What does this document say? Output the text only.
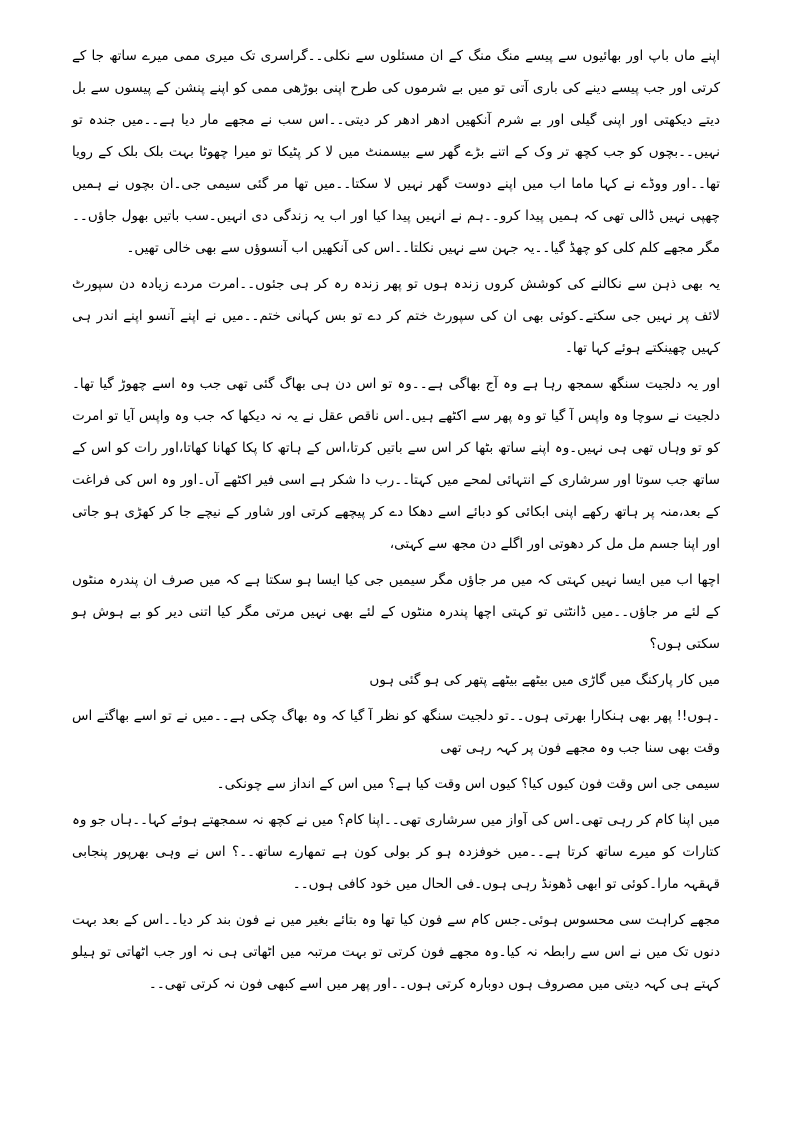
اپنے ماں باپ اور بھائیوں سے پیسے منگ منگ کے ان مسئلوں سے نکلی۔۔گراسری تک میری ممی میرے ساتھ جا کے کرتی اور جب پیسے دینے کی باری آتی تو میں بے شرموں کی طرح اپنی بوڑھی ممی کو اپنے پنشن کے پیسوں سے بل دیتے دیکھتی اور اپنی گیلی اور بے شرم آنکھیں ادھر ادھر کر دیتی۔۔اس سب نے مجھے مار دیا ہے۔۔میں جندہ تو نہیں۔۔بچوں کو جب کچھ تر وک کے اتنے بڑے گھر سے بیسمنٹ میں لا کر پٹیکا تو میرا چھوٹا بہت بلک بلک کے رویا تھا۔۔اور ووڈے نے کہا ماما اب میں اپنے دوست گھر نہیں لا سکتا۔۔میں تھا مر گئی سیمی جی۔ان بچوں نے ہمیں چھپی نہیں ڈالی تھی کہ ہمیں پیدا کرو۔۔ہم نے انہیں پیدا کیا اور اب یہ زندگی دی انہیں۔سب باتیں بھول جاؤں۔۔مگر مجھے کلم کلی کو چھڈ گیا۔۔یہ جہن سے نہیں نکلتا۔۔اس کی آنکھیں اب آنسوؤں سے بھی خالی تھیں۔

یہ بھی ذہن سے نکالنے کی کوشش کروں زندہ ہوں تو پھر زندہ رہ کر ہی جئوں۔۔امرت مردے زیادہ دن سپورٹ لائف پر نہیں جی سکتے۔کوئی بھی ان کی سپورٹ ختم کر دے تو بس کہانی ختم۔۔میں نے اپنے آنسو اپنے اندر ہی کہیں چھینکتے ہوئے کہا تھا۔

اور یہ دلجیت سنگھ سمجھ رہا ہے وہ آج بھاگی ہے۔۔وہ تو اس دن ہی بھاگ گئی تھی جب وہ اسے چھوڑ گیا تھا۔دلجیت نے سوچا وہ واپس آ گیا تو وہ پھر سے اکٹھے ہیں۔اس ناقص عقل نے یہ نہ دیکھا کہ جب وہ واپس آیا تو امرت کو تو وہاں تھی ہی نہیں۔وہ اپنے ساتھ بٹھا کر اس سے باتیں کرتا،اس کے ہاتھ کا پکا کھانا کھاتا،اور رات کو اس کے ساتھ جب سوتا اور سرشاری کے انتہائی لمحے میں کہتا۔۔رب دا شکر ہے اسی فیر اکٹھے آں۔اور وہ اس کی فراغت کے بعد،منہ پر ہاتھ رکھے اپنی ابکائی کو دبائے اسے دھکا دے کر پیچھے کرتی اور شاور کے نیچے جا کر کھڑی ہو جاتی اور اپنا جسم مل مل کر دھوتی اور اگلے دن مجھ سے کہتی،

اچھا اب میں ایسا نہیں کہتی کہ میں مر جاؤں مگر سیمیں جی کیا ایسا ہو سکتا ہے کہ میں صرف ان پندرہ منٹوں کے لئے مر جاؤں۔۔میں ڈانٹتی تو کہتی اچھا پندرہ منٹوں کے لئے بھی نہیں مرتی مگر کیا اتنی دیر کو بے ہوش ہو سکتی ہوں؟

میں کار پارکنگ میں گاڑی میں بیٹھے بیٹھے پتھر کی ہو گئی ہوں

۔ہوں!! پھر بھی ہنکارا بھرتی ہوں۔۔تو دلجیت سنگھ کو نظر آ گیا کہ وہ بھاگ چکی ہے۔۔میں نے تو اسے بھاگتے اس وقت بھی سنا جب وہ مجھے فون پر کہہ رہی تھی

سیمی جی اس وقت فون کیوں کیا؟ کیوں اس وقت کیا ہے؟ میں اس کے انداز سے چونکی۔

میں اپنا کام کر رہی تھی۔اس کی آواز میں سرشاری تھی۔۔اپنا کام؟ میں نے کچھ نہ سمجھتے ہوئے کہا۔۔ہاں جو وہ کتارات کو میرے ساتھ کرتا ہے۔۔میں خوفزدہ ہو کر بولی کون ہے تمھارے ساتھ۔۔؟ اس نے وہی بھرپور پنجابی قہقہہ مارا۔کوئی تو ابھی ڈھونڈ رہی ہوں۔فی الحال میں خود کافی ہوں۔۔

مجھے کراہت سی محسوس ہوئی۔جس کام سے فون کیا تھا وہ بتائے بغیر میں نے فون بند کر دیا۔۔اس کے بعد بہت دنوں تک میں نے اس سے رابطہ نہ کیا۔وہ مجھے فون کرتی تو بہت مرتبہ میں اٹھاتی ہی نہ اور جب اٹھاتی تو ہیلو کہتے ہی کہہ دیتی میں مصروف ہوں دوبارہ کرتی ہوں۔۔اور پھر میں اسے کبھی فون نہ کرتی تھی۔۔
